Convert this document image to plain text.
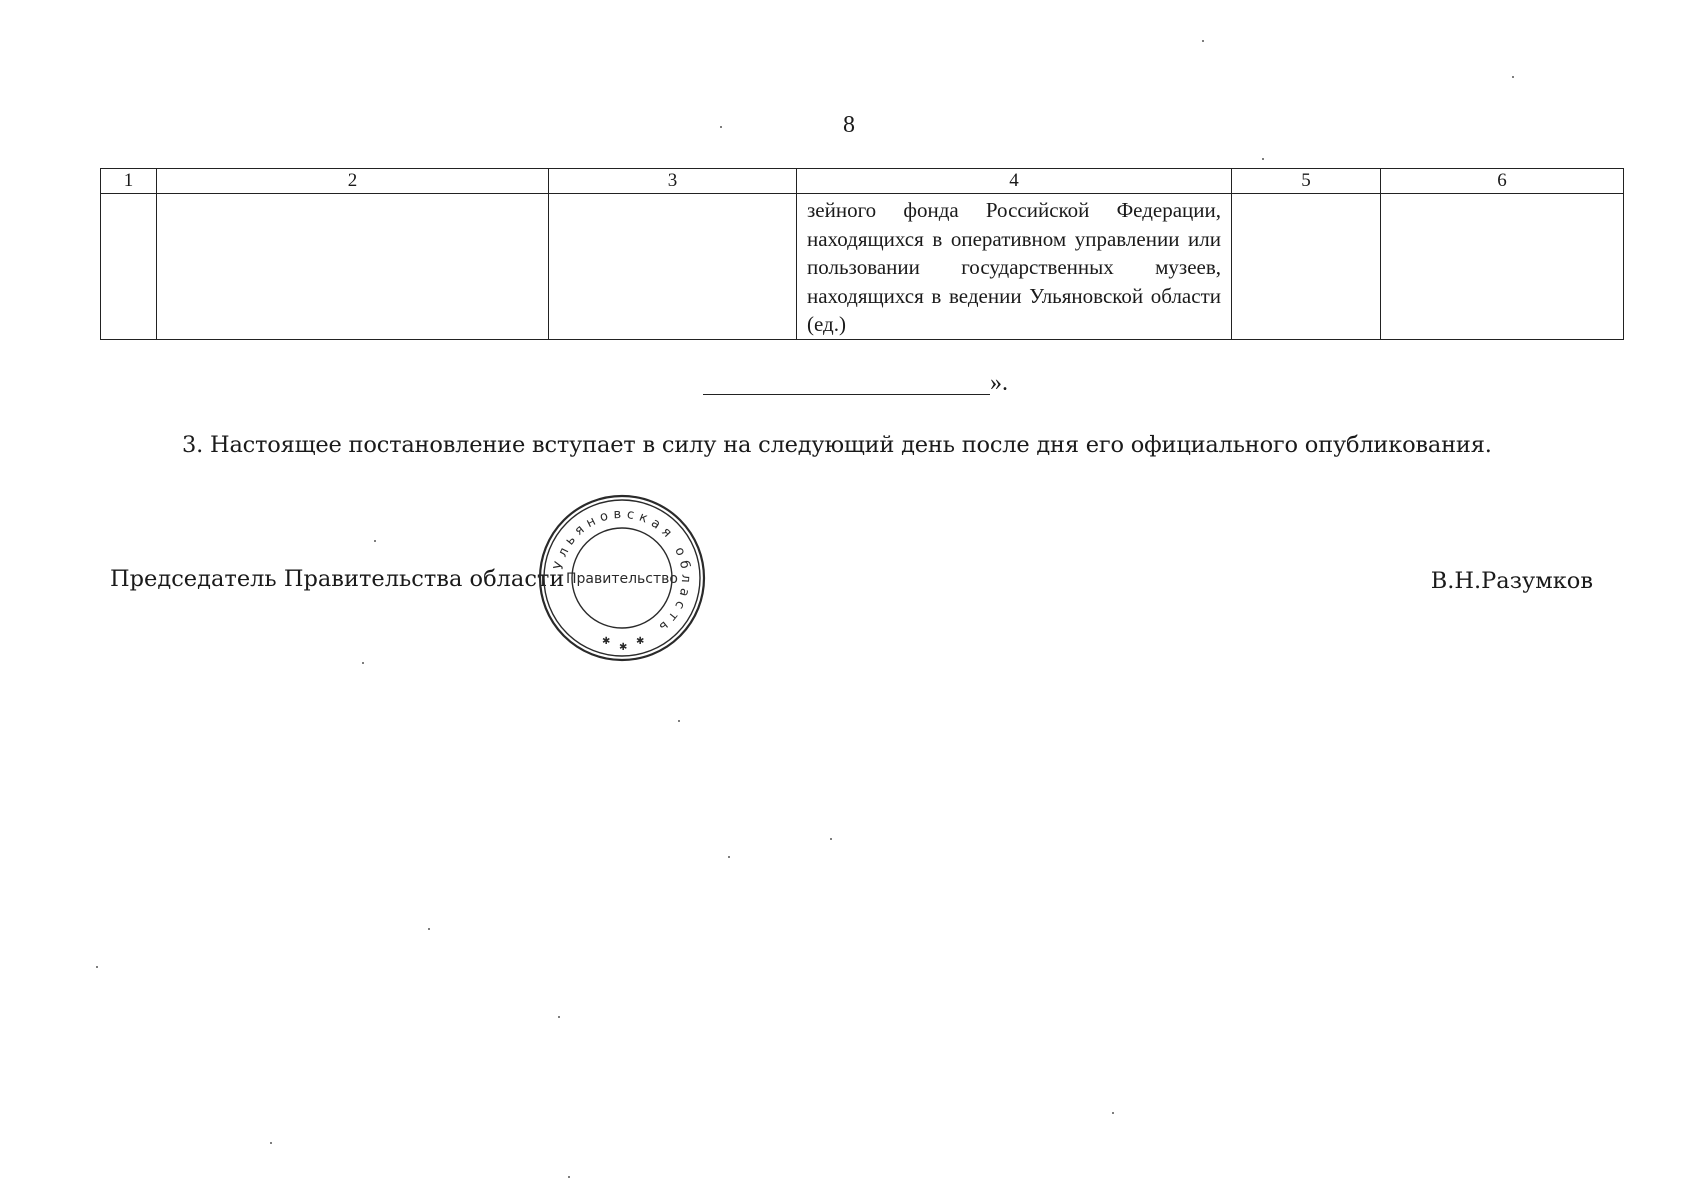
8
1	2	3	4	5	6
			зейного фонда Российской Федерации, находящихся в оперативном управлении или пользовании государственных музеев, находящихся в ведении Ульяновской области (ед.)		
».
3. Настоящее постановление вступает в силу на следующий день после дня его официального опубликования.
Председатель Правительства области
Ульяновская область
Правительство
✱
✱
✱
В.Н.Разумков
